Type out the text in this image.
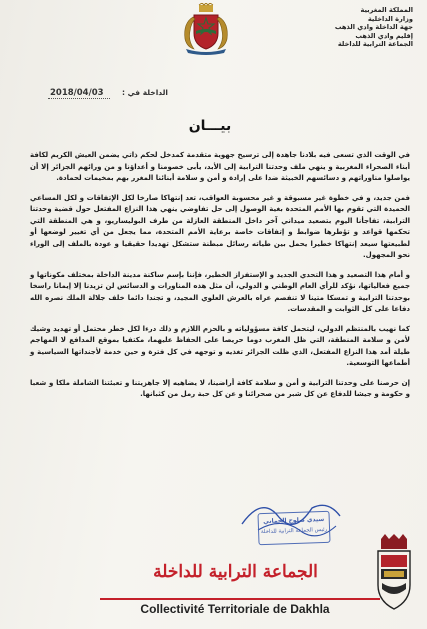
المملكة المغربية
وزارة الداخلية
جهة الداخلة وادي الذهب
إقليم وادي الذهب
الجماعة الترابية للداخلة
الداخلة في :
2018/04/03
بيـــان

في الوقت الذي تسعى فيه بلادنا جاهدة إلى ترسيخ جهوية متقدمة كمدخل لحكم ذاتي يضمن العيش الكريم لكافة أبناء الصحراء المغربية و ينهي ملف وحدتنا الترابية إلى الأبد، يأبى خصومنا و أعداؤنا و من ورائهم الجزائر إلا أن يواصلوا مناوراتهم و دسائسهم الخبيثة ضدا على إرادة و أمن و سلامة أبنائنا المغرر بهم بمخيمات لحمادة.

فمن جديد، و في خطوة غير مسبوقة و غير محسوبة العواقب، تعد إنتهاكا صارخا لكل الإتفاقات و لكل المساعي الحميدة التي تقوم بها الأمم المتحدة بغية الوصول إلى حل تفاوضي ينهي هذا النزاع المفتعل حول قضية وحدتنا الترابية، تفاجأنا اليوم بتصعيد ميداني آخر داخل المنطقة العازلة من طرف البوليساريو، و هي المنطقة التي تحكمها قواعد و تؤطرها ضوابط و إتفاقات خاصة برعاية الأمم المتحدة، مما يجعل من أي تغيير لوضعها أو لطبيعتها سيعد إنتهاكا خطيرا يحمل بين طياته رسائل مبطنة ستشكل تهديدا حقيقيا و عودة بالملف إلى الوراء نحو المجهول.

و أمام هذا التصعيد و هذا التحدي الجديد و الإستفزاز الخطير، فإننا بإسم ساكنة مدينة الداخلة بمختلف مكوناتها و جميع فعالياتها، نؤكد للرأي العام الوطني و الدولي، أن مثل هذه المناورات و الدسائس لن تزيدنا إلا إيمانا راسخا بوحدتنا الترابية و تمسكا متينا لا تنفصم عراه بالعرش العلوي المجيد، و تجندا دائما خلف جلالة الملك نصره الله دفاعا على كل الثوابت و المقدسات.

كما نهيب بالمنتظم الدولي، ليتحمل كافة مسؤولياته و بالحزم اللازم و ذلك درءا لكل خطر محتمل أو تهديد وشيك لأمن و سلامة المنطقة، التي ظل المغرب دوما حريصا على الحفاظ عليهما، مكتفيا بموقع المدافع لا المهاجم طيلة أمد هذا النزاع المفتعل، الذي ظلت الجزائر تغذيه و توجهه في كل فترة و حين خدمة لأجنداتها السياسية و أطماعها التوسعية.

إن حرصنا على وحدتنا الترابية و أمن و سلامة كافة أراضينا، لا يضاهيه إلا جاهزيتنا و تعبئتنا الشاملة ملكا و شعبا و حكومة و جيشا للدفاع عن كل شبر من صحرائنا و عن كل حبة رمل من كثبانها.

سيدي صلوح الجماني
رئيس الجماعة الترابية للداخلة
الجماعة الترابية للداخلة
Collectivité Territoriale de Dakhla
